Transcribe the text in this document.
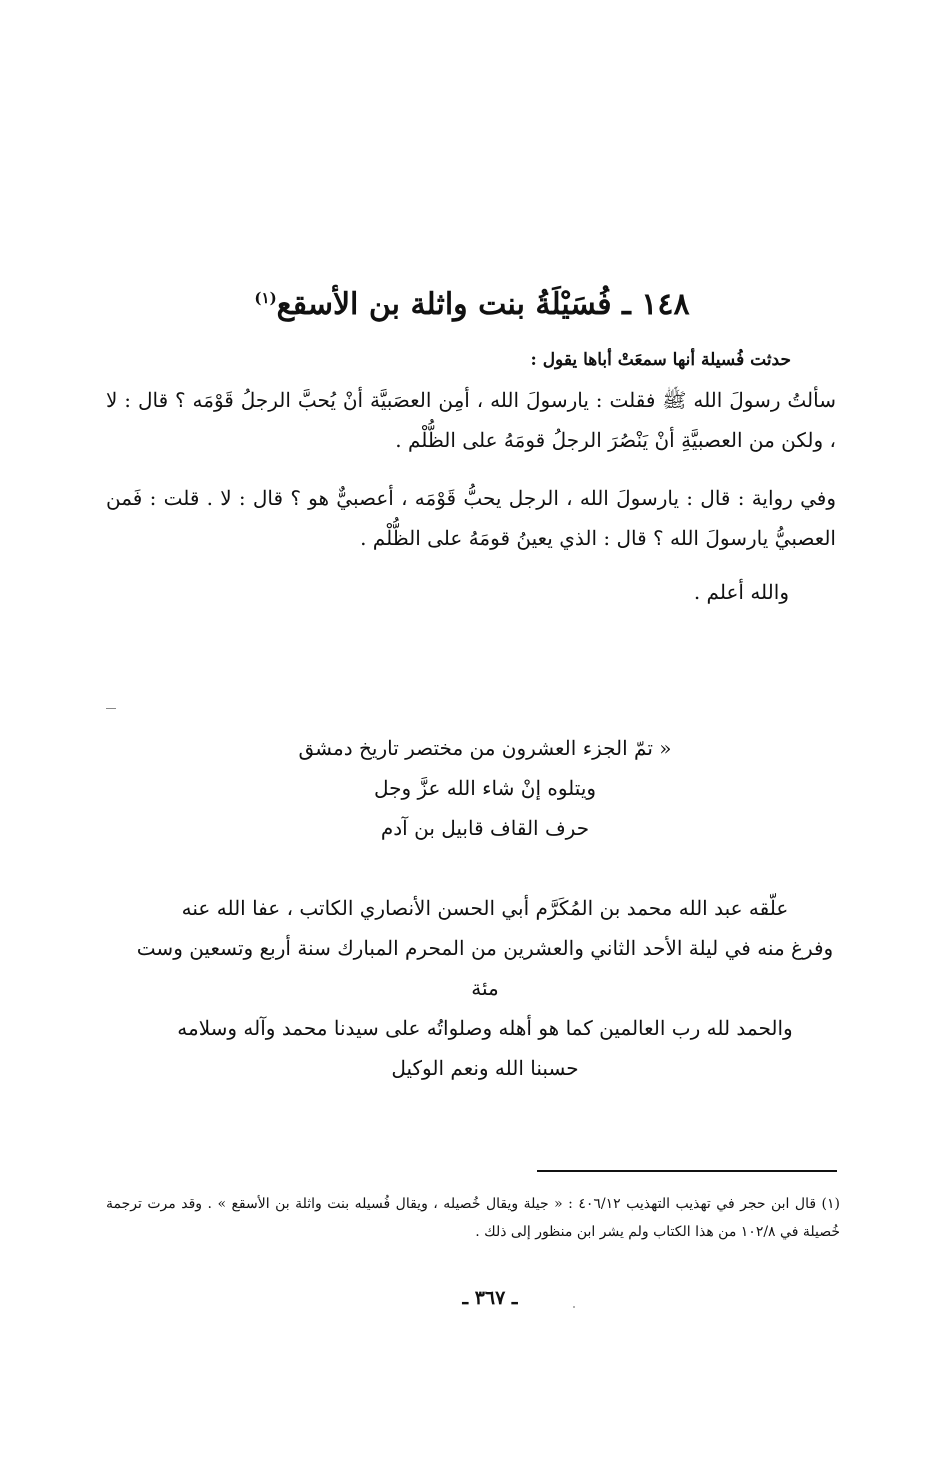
١٤٨ ـ فُسَيْلَةُ بنت واثلة بن الأسقع$^{(١)}$
حدثت فُسيلة أنها سمعَتْ أباها يقول :
سألتُ رسولَ الله ﷺ فقلت : يارسولَ الله ، أمِن العصَبيَّة أنْ يُحبَّ الرجلُ قَوْمَه ؟ قال : لا ، ولكن من العصبيَّةِ أنْ يَنْصُرَ الرجلُ قومَهُ على الظُّلْم .
وفي رواية : قال : يارسولَ الله ، الرجل يحبُّ قَوْمَه ، أعصبيٌّ هو ؟ قال : لا . قلت : فَمن العصبيُّ يارسولَ الله ؟ قال : الذي يعينُ قومَهُ على الظُّلْم .
والله أعلم .
« تمّ الجزء العشرون من مختصر تاريخ دمشق
ويتلوه إنْ شاء الله عزَّ وجل
حرف القاف قابيل بن آدم
علّقه عبد الله محمد بن المُكَرَّم أبي الحسن الأنصاري الكاتب ، عفا الله عنه
وفرغ منه في ليلة الأحد الثاني والعشرين من المحرم المبارك سنة أربع وتسعين وست مئة
والحمد لله رب العالمين كما هو أهله وصلواتُه على سيدنا محمد وآله وسلامه
حسبنا الله ونعم الوكيل
(١) قال ابن حجر في تهذيب التهذيب ٤٠٦/١٢ : « جيلة ويقال خُصيله ، ويقال فُسيله بنت واثلة بن الأسقع » . وقد مرت ترجمة خُصيلة في ١٠٢/٨ من هذا الكتاب ولم يشر ابن منظور إلى ذلك .
ـ ٣٦٧ ـ
